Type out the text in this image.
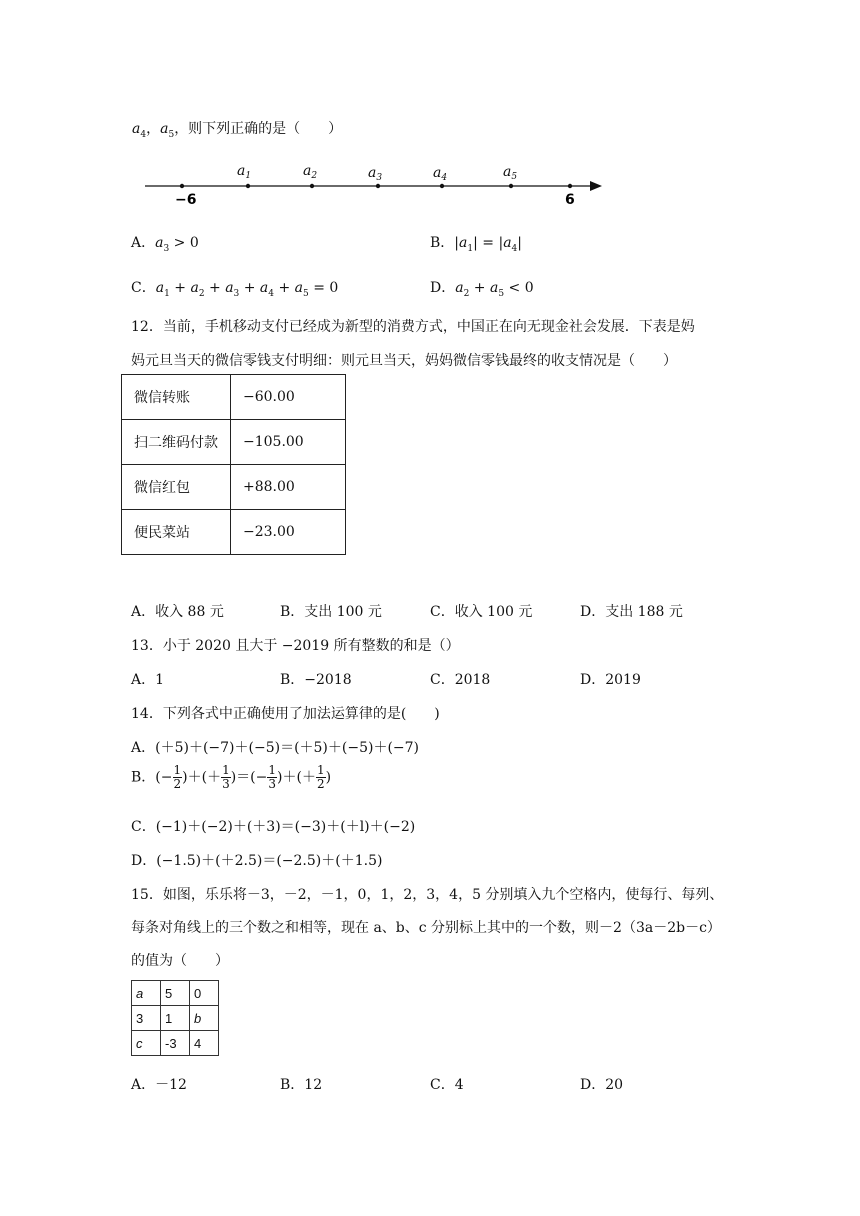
$a_4$，$a_5$，则下列正确的是（　　）
$a_1$	$a_2$	$a_3$	$a_4$	$a_5$
−6	6
A．$a_3 > 0$	B．$|a_1| = |a_4|$
C．$a_1 + a_2 + a_3 + a_4 + a_5 = 0$	D．$a_2 + a_5 < 0$
12．当前，手机移动支付已经成为新型的消费方式，中国正在向无现金社会发展．下表是妈
妈元旦当天的微信零钱支付明细：则元旦当天，妈妈微信零钱最终的收支情况是（　　）
微信转账	−60.00
扫二维码付款	−105.00
微信红包	+88.00
便民菜站	−23.00
A．收入 88 元	B．支出 100 元	C．收入 100 元	D．支出 188 元
13．小于 2020 且大于 −2019 所有整数的和是（）
A．1	B．−2018	C．2018	D．2019
14．下列各式中正确使用了加法运算律的是(　　)
A．(＋5)＋(−7)＋(−5)＝(＋5)＋(−5)＋(−7)
B．(− $\frac{1}{2}$ )＋(＋ $\frac{1}{3}$ )＝(− $\frac{1}{3}$ )＋(＋ $\frac{1}{2}$ )
C．(−1)＋(−2)＋(＋3)＝(−3)＋(＋l)＋(−2)
D．(−1.5)＋(＋2.5)＝(−2.5)＋(＋1.5)
15．如图，乐乐将－3，－2，－1，0，1，2，3，4，5 分别填入九个空格内，使每行、每列、
每条对角线上的三个数之和相等，现在 a、b、c 分别标上其中的一个数，则－2（3a－2b－c）
的值为（　　）
a	5	0
3	1	b
c	-3	4
A．－12	B．12	C．4	D．20
